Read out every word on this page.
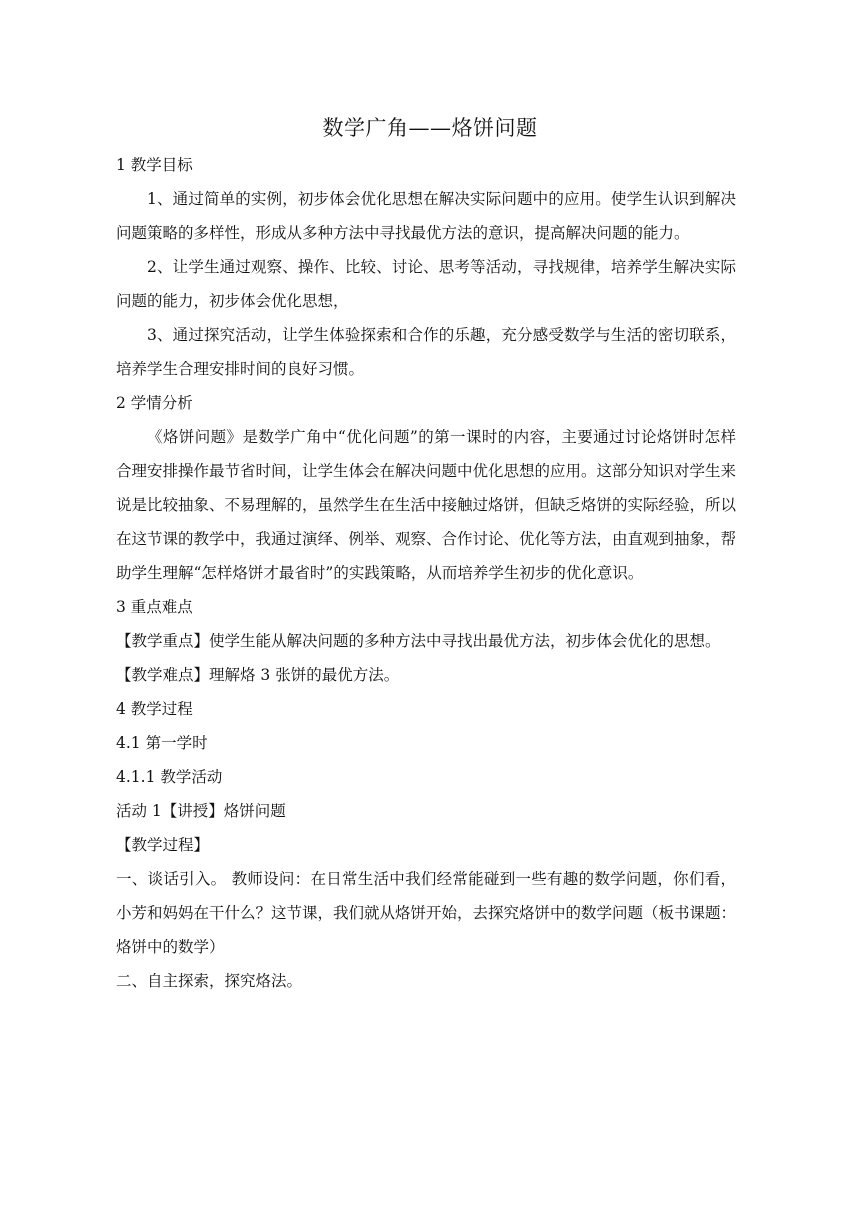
数学广角——烙饼问题
1 教学目标

1、通过简单的实例，初步体会优化思想在解决实际问题中的应用。使学生认识到解决问题策略的多样性，形成从多种方法中寻找最优方法的意识，提高解决问题的能力。

2、让学生通过观察、操作、比较、讨论、思考等活动，寻找规律，培养学生解决实际问题的能力，初步体会优化思想，

3、通过探究活动，让学生体验探索和合作的乐趣，充分感受数学与生活的密切联系，培养学生合理安排时间的良好习惯。

2 学情分析

《烙饼问题》是数学广角中“优化问题”的第一课时的内容，主要通过讨论烙饼时怎样合理安排操作最节省时间，让学生体会在解决问题中优化思想的应用。这部分知识对学生来说是比较抽象、不易理解的，虽然学生在生活中接触过烙饼，但缺乏烙饼的实际经验，所以在这节课的教学中，我通过演绎、例举、观察、合作讨论、优化等方法，由直观到抽象，帮助学生理解“怎样烙饼才最省时”的实践策略，从而培养学生初步的优化意识。

3 重点难点

【教学重点】使学生能从解决问题的多种方法中寻找出最优方法，初步体会优化的思想。

【教学难点】理解烙 3 张饼的最优方法。

4 教学过程
4.1 第一学时
4.1.1 教学活动
活动 1【讲授】烙饼问题
【教学过程】

一、谈话引入。 教师设问：在日常生活中我们经常能碰到一些有趣的数学问题，你们看，小芳和妈妈在干什么？这节课，我们就从烙饼开始，去探究烙饼中的数学问题（板书课题：烙饼中的数学）

二、自主探索，探究烙法。
